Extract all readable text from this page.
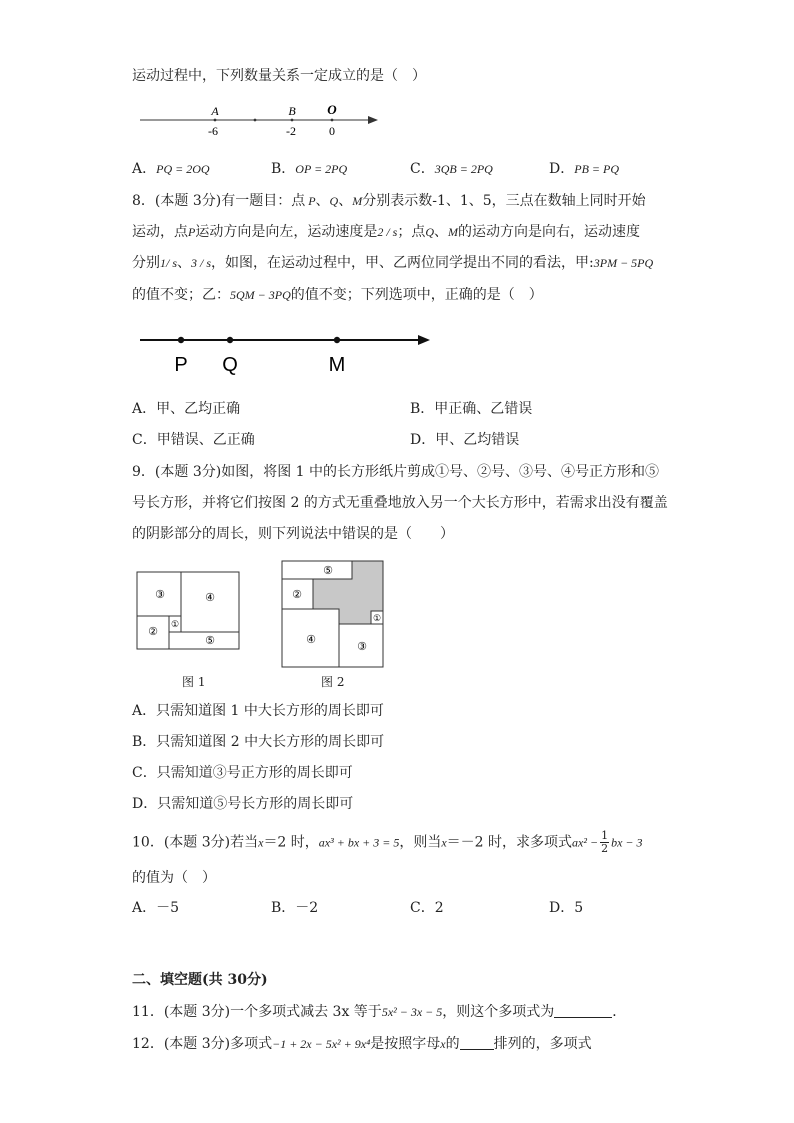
运动过程中，下列数量关系一定成立的是（　）
A	B O
-6	-2	0
A．PQ = 2OQ	B．OP = 2PQ	C．3QB = 2PQ	D．PB = PQ
8．(本题 3分)有一题目：点 P、Q、M分别表示数-1、1、5，三点在数轴上同时开始
运动，点P运动方向是向左，运动速度是2 / s；点Q、M的运动方向是向右，运动速度
分别1/ s、3 / s，如图，在运动过程中，甲、乙两位同学提出不同的看法，甲:3PM − 5PQ
的值不变；乙：5QM − 3PQ的值不变；下列选项中，正确的是（　）
P Q	M
A．甲、乙均正确	B．甲正确、乙错误
C．甲错误、乙正确	D．甲、乙均错误
9．(本题 3分)如图，将图 1 中的长方形纸片剪成①号、②号、③号、④号正方形和⑤
号长方形，并将它们按图 2 的方式无重叠地放入另一个大长方形中，若需求出没有覆盖
的阴影部分的周长，则下列说法中错误的是（　　）
③	④
②
①
⑤
图 1
⑤
②
④
③
①
图 2
A．只需知道图 1 中大长方形的周长即可
B．只需知道图 2 中大长方形的周长即可
C．只需知道③号正方形的周长即可
D．只需知道⑤号长方形的周长即可
10．(本题 3分)若当x＝2 时，ax³ + bx + 3 = 5，则当x＝－2 时，求多项式$ax^2 - \frac{1}{2}$ bx − 3
的值为（　）
A．－5	B．－2	C．2	D．5
二、填空题(共 30分)
11．(本题 3分)一个多项式减去 3x 等于5x² − 3x − 5，则这个多项式为	．
12．(本题 3分)多项式−1 + 2x − 5x² + 9x⁴是按照字母x的 排列的，多项式
